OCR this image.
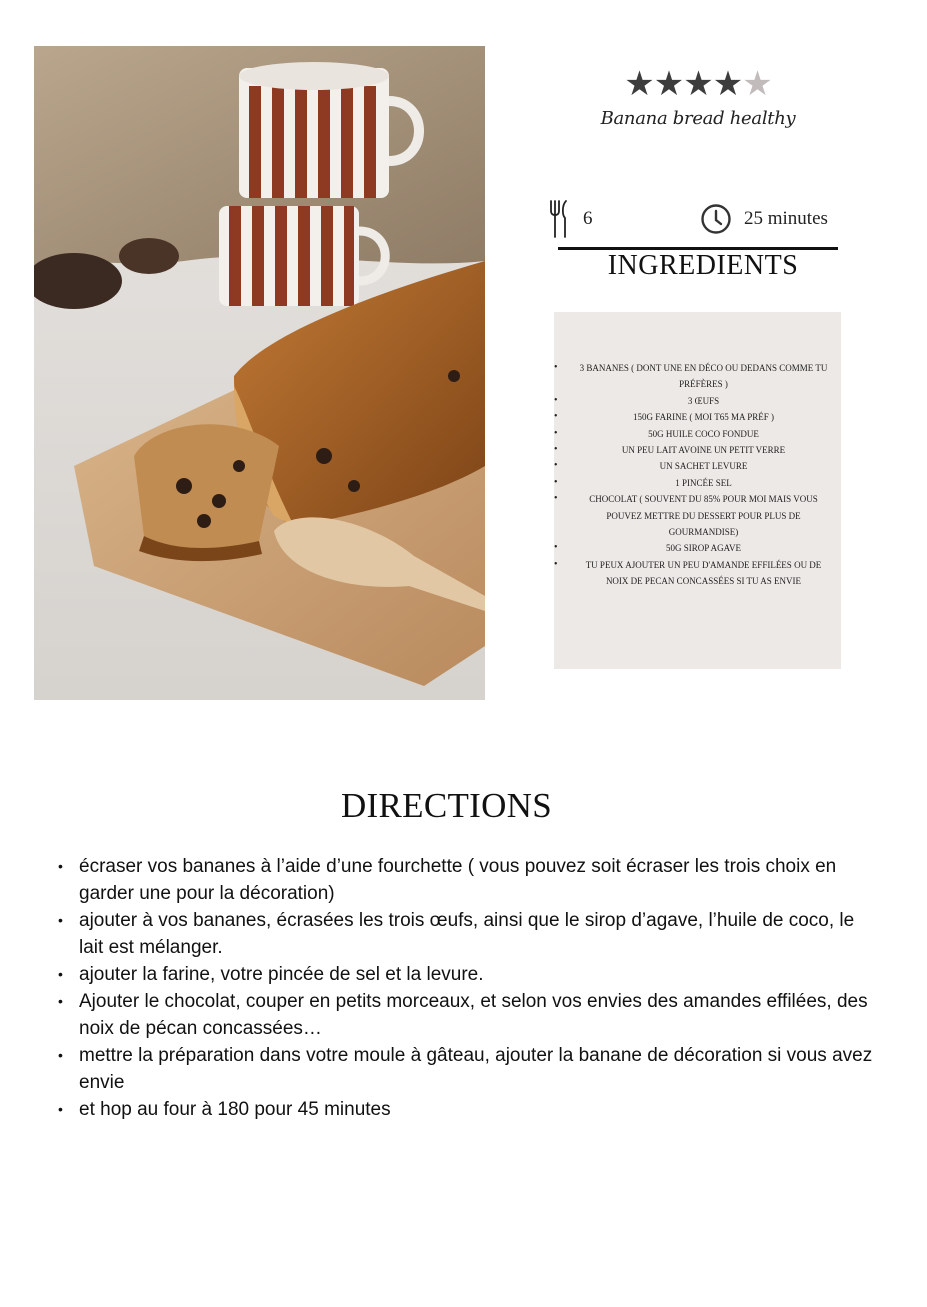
★★★★★
Banana bread healthy
6	25 minutes
INGREDIENTS
• 3 BANANES ( DONT UNE EN DÉCO OU DEDANS COMME TU PRÉFÈRES )
• 3 ŒUFS
• 150G FARINE ( MOI T65 MA PRÉF )
• 50G HUILE COCO FONDUE
• UN PEU LAIT AVOINE UN PETIT VERRE
• UN SACHET LEVURE
• 1 PINCÉE SEL
• CHOCOLAT ( SOUVENT DU 85% POUR MOI MAIS VOUS POUVEZ METTRE DU DESSERT POUR PLUS DE GOURMANDISE)
• 50G SIROP AGAVE
• TU PEUX AJOUTER UN PEU D'AMANDE EFFILÉES OU DE NOIX DE PECAN CONCASSÉES SI TU AS ENVIE
DIRECTIONS
• écraser vos bananes à l’aide d’une fourchette ( vous pouvez soit écraser les trois choix en garder une pour la décoration)
• ajouter à vos bananes, écrasées les trois œufs, ainsi que le sirop d’agave, l’huile de coco, le lait est mélanger.
• ajouter la farine, votre pincée de sel et la levure.
• Ajouter le chocolat, couper en petits morceaux, et selon vos envies des amandes effilées, des noix de pécan concassées…
• mettre la préparation dans votre moule à gâteau, ajouter la banane de décoration si vous avez envie
• et hop au four à 180 pour 45 minutes
